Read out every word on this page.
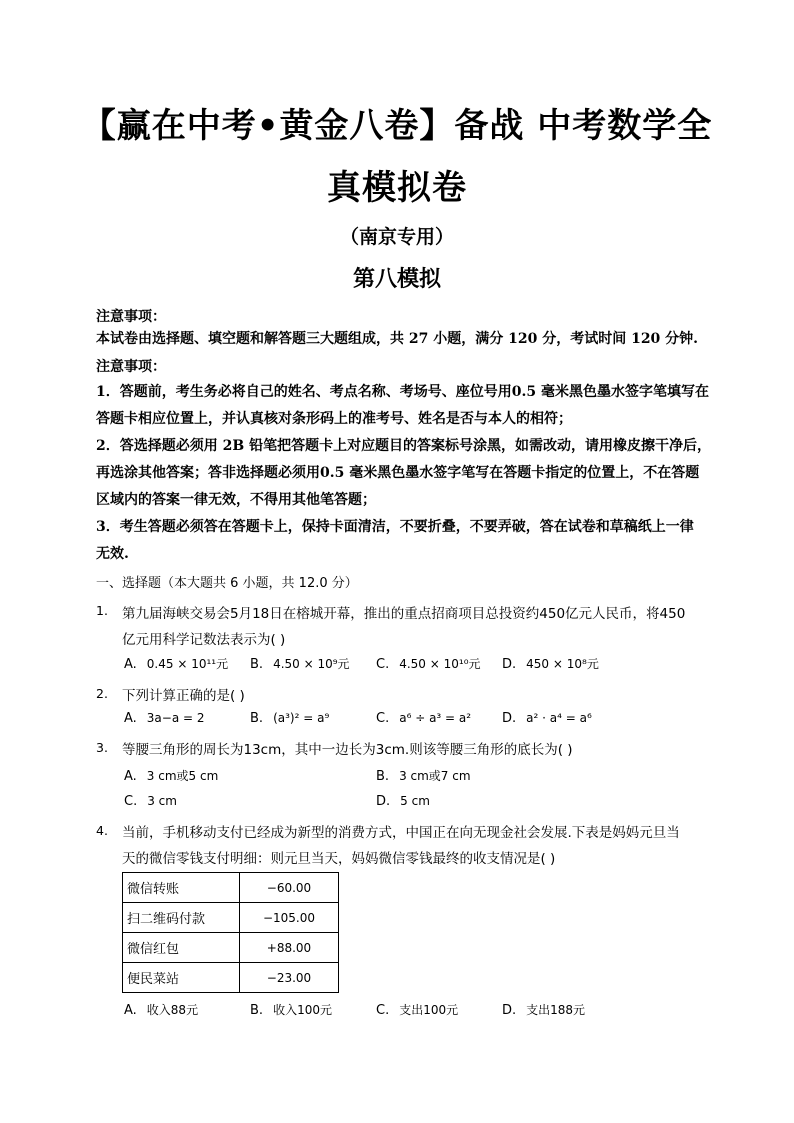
【赢在中考•黄金八卷】备战 中考数学全
真模拟卷
（南京专用）
第八模拟
注意事项：
本试卷由选择题、填空题和解答题三大题组成，共 27 小题，满分 120 分，考试时间 120 分钟.
注意事项：
1．答题前，考生务必将自己的姓名、考点名称、考场号、座位号用0.5 毫米黑色墨水签字笔填写在
答题卡相应位置上，并认真核对条形码上的准考号、姓名是否与本人的相符；
2．答选择题必须用 2B 铅笔把答题卡上对应题目的答案标号涂黑，如需改动，请用橡皮擦干净后，
再选涂其他答案；答非选择题必须用0.5 毫米黑色墨水签字笔写在答题卡指定的位置上，不在答题
区域内的答案一律无效，不得用其他笔答题；
3．考生答题必须答在答题卡上，保持卡面清洁，不要折叠，不要弄破，答在试卷和草稿纸上一律
无效.
一、选择题（本大题共 6 小题，共 12.0 分）
1. 第九届海峡交易会5月18日在榕城开幕，推出的重点招商项目总投资约450亿元人民币，将450
亿元用科学记数法表示为( )
A. 0.45 × 10¹¹元 B. 4.50 × 10⁹元 C. 4.50 × 10¹⁰元 D. 450 × 10⁸元
2. 下列计算正确的是( )
A. 3a−a = 2	B. (a³)² = a⁹	C. a⁶ ÷ a³ = a² D. a² · a⁴ = a⁶
3. 等腰三角形的周长为13cm，其中一边长为3cm.则该等腰三角形的底长为( )
A. 3 cm或5 cm	B. 3 cm或7 cm
C. 3 cm	D. 5 cm
4. 当前，手机移动支付已经成为新型的消费方式，中国正在向无现金社会发展.下表是妈妈元旦当
天的微信零钱支付明细：则元旦当天，妈妈微信零钱最终的收支情况是( )
微信转账	−60.00
扫二维码付款	−105.00
微信红包	+88.00
便民菜站	−23.00
A. 收入88元	B. 收入100元	C. 支出100元	D. 支出188元
